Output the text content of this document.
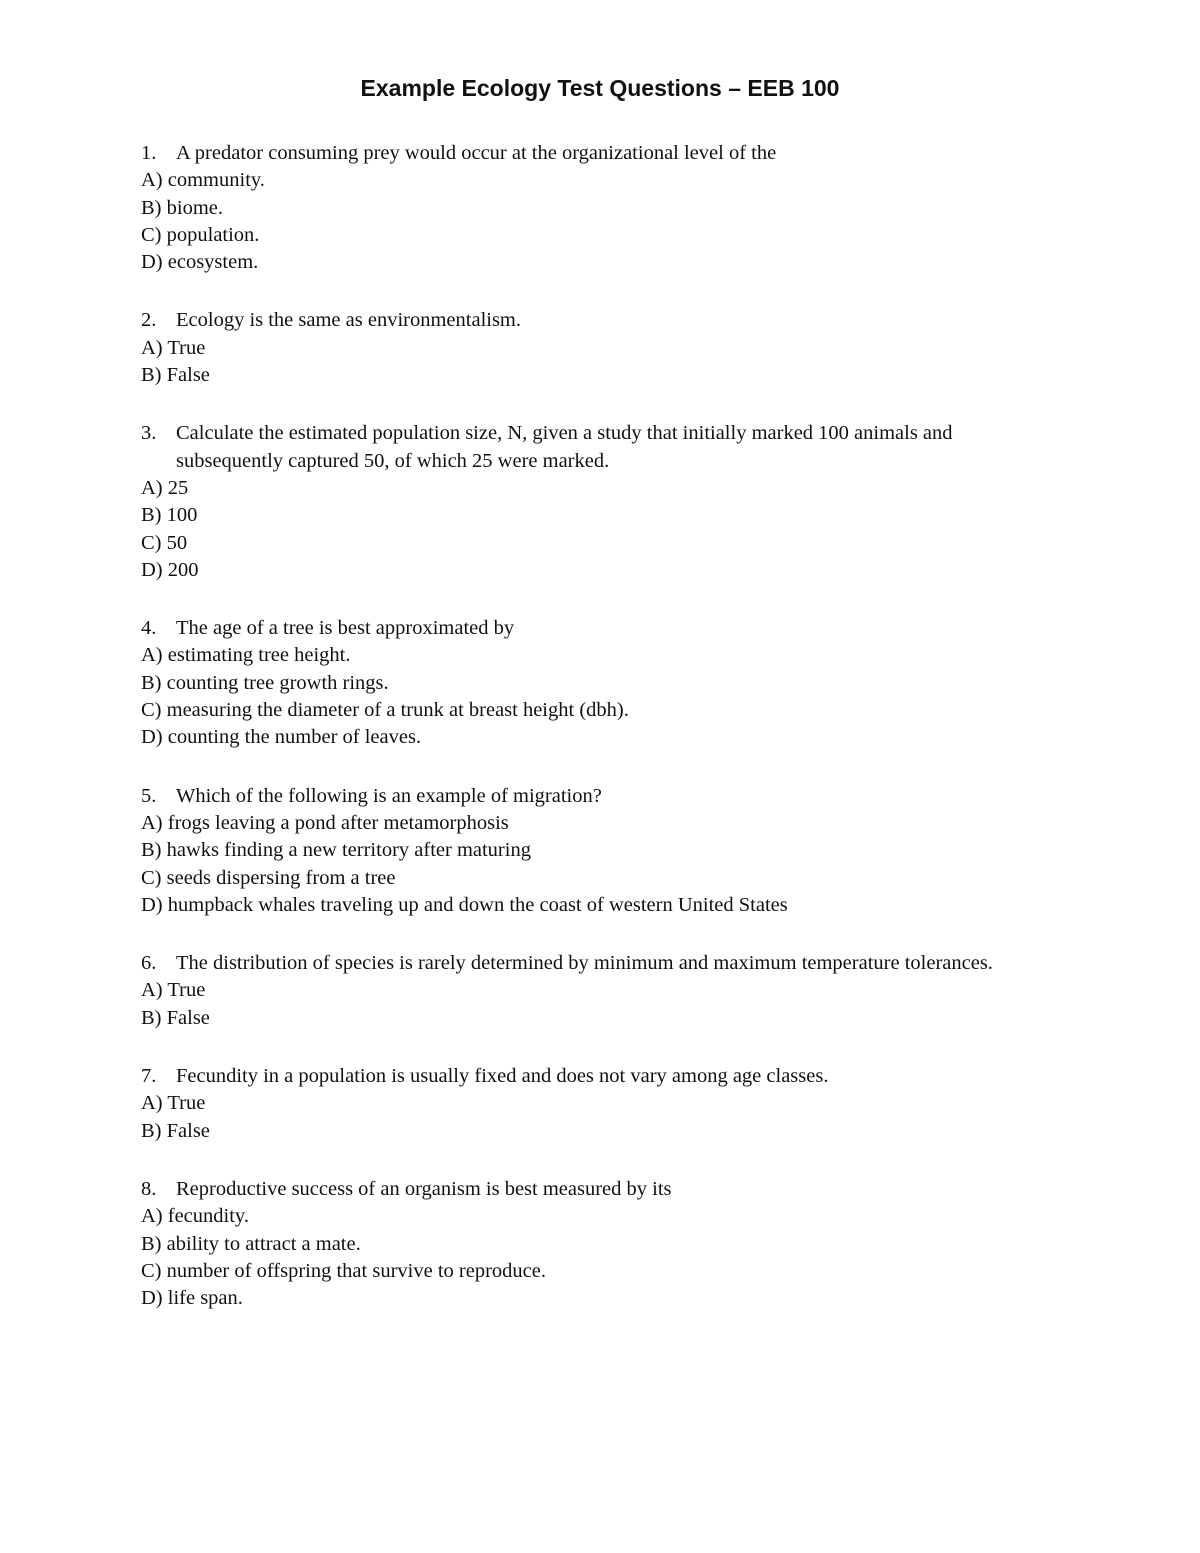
Example Ecology Test Questions – EEB 100
1. A predator consuming prey would occur at the organizational level of the
A) community.
B) biome.
C) population.
D) ecosystem.
2. Ecology is the same as environmentalism.
A) True
B) False
3. Calculate the estimated population size, N, given a study that initially marked 100 animals and subsequently captured 50, of which 25 were marked.
A) 25
B) 100
C) 50
D) 200
4. The age of a tree is best approximated by
A) estimating tree height.
B) counting tree growth rings.
C) measuring the diameter of a trunk at breast height (dbh).
D) counting the number of leaves.
5. Which of the following is an example of migration?
A) frogs leaving a pond after metamorphosis
B) hawks finding a new territory after maturing
C) seeds dispersing from a tree
D) humpback whales traveling up and down the coast of western United States
6. The distribution of species is rarely determined by minimum and maximum temperature tolerances.
A) True
B) False
7. Fecundity in a population is usually fixed and does not vary among age classes.
A) True
B) False
8. Reproductive success of an organism is best measured by its
A) fecundity.
B) ability to attract a mate.
C) number of offspring that survive to reproduce.
D) life span.
